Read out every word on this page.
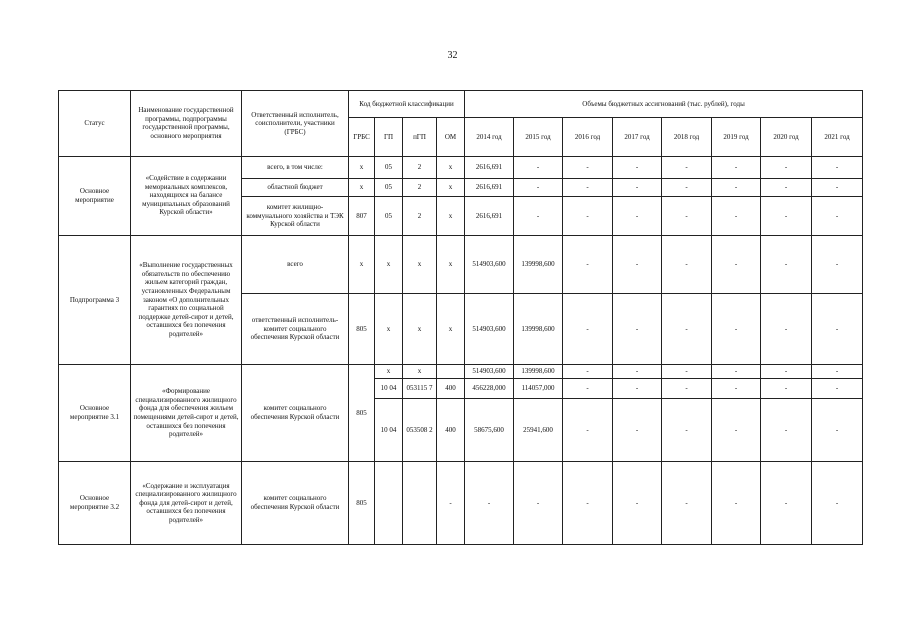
32
Статус	Наименование государственной программы, подпрограммы государственной программы, основного мероприятия	Ответственный исполнитель, соисполнители, участники (ГРБС)	Код бюджетной классификации				Объемы бюджетных ассигнований (тыс. рублей), годы							
			ГРБС	ГП	пГП	ОМ	2014 год	2015 год	2016 год	2017 год	2018 год	2019 год	2020 год	2021 год
Основное мероприятие	«Содействие в содержании мемориальных комплексов, находящихся на балансе муниципальных образований Курской области»	всего, в том числе:	х	05	2	х	2616,691	-	-	-	-	-	-	-
		областной бюджет	х	05	2	х	2616,691	-	-	-	-	-	-	-
		комитет жилищно-коммунального хозяйства и ТЭК Курской области	807	05	2	х	2616,691	-	-	-	-	-	-	-
Подпрограмма 3	«Выполнение государственных обязательств по обеспечению жильем категорий граждан, установленных Федеральным законом «О дополнительных гарантиях по социальной поддержке детей-сирот и детей, оставшихся без попечения родителей»	всего	х	х	х	х	514903,600	139998,600	-	-	-	-	-	-
		ответственный исполнитель-комитет социального обеспечения Курской области	805	х	х	х	514903,600	139998,600	-	-	-	-	-	-
Основное мероприятие 3.1	«Формирование специализированного жилищного фонда для обеспечения жильем помещениями детей-сирот и детей, оставшихся без попечения родителей»	комитет социального обеспечения Курской области	805	х	х		514903,600	139998,600	-	-	-	-	-	-
				10 04	053115 7	400	456228,000	114057,000	-	-	-	-	-	-
				10 04	053508 2	400	58675,600	25941,600	-	-	-	-	-	-
Основное мероприятие 3.2	«Содержание и эксплуатация специализированного жилищного фонда для детей-сирот и детей, оставшихся без попечения родителей»	комитет социального обеспечения Курской области	805			-	-	-	-	-	-	-	-	-
